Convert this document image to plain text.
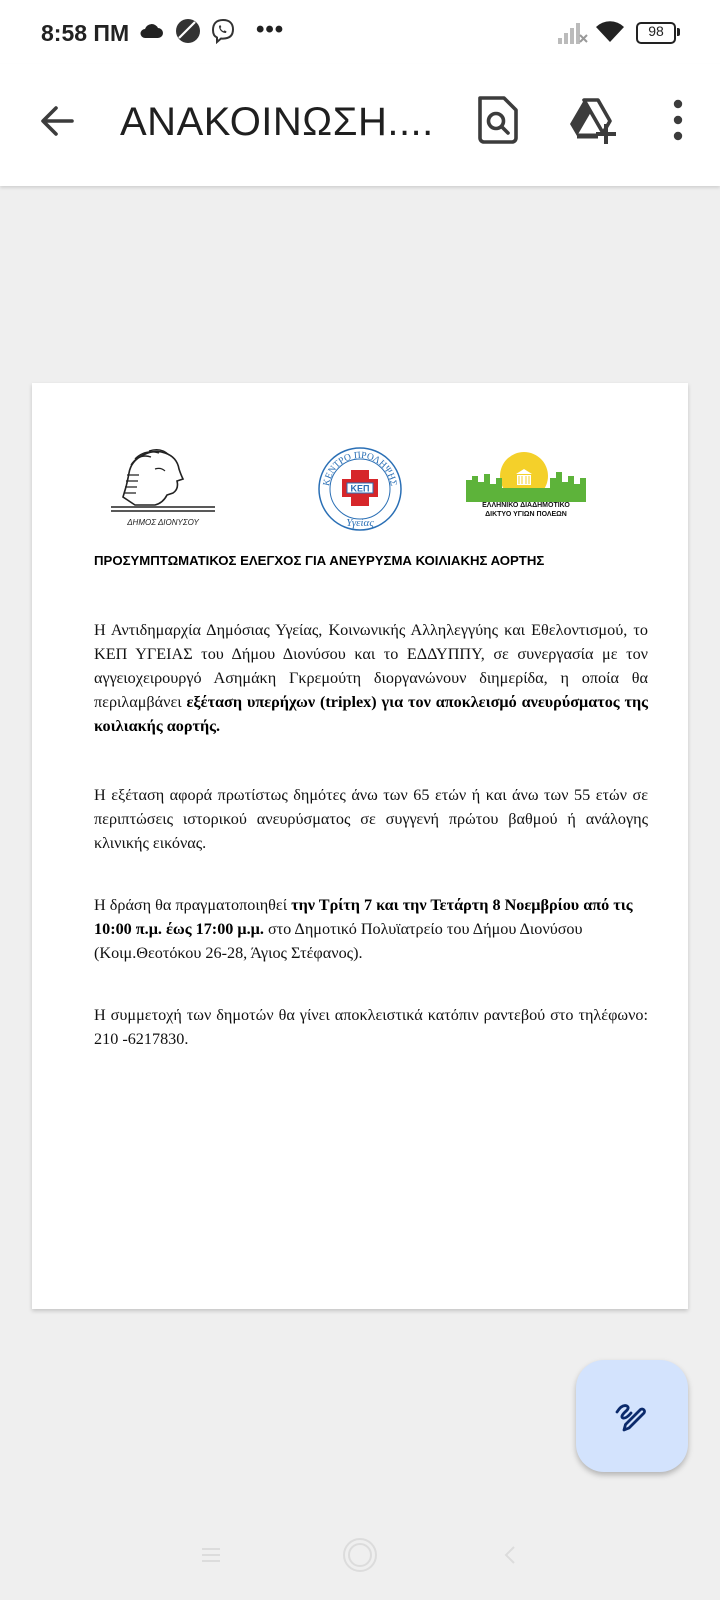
8:58 ΠΜ	•••	98
ΑΝΑΚΟΙΝΩΣΗ....
ΔΗΜΟΣ ΔΙΟΝΥΣΟΥ
ΚΕΝΤΡΟ ΠΡΟΛΗΨΗΣ
ΚΕΠ
Υγείας
ΕΛΛΗΝΙΚΟ ΔΙΑΔΗΜΟΤΙΚΟ
ΔΙΚΤΥΟ ΥΓΙΩΝ ΠΟΛΕΩΝ
ΠΡΟΣΥΜΠΤΩΜΑΤΙΚΟΣ ΕΛΕΓΧΟΣ ΓΙΑ ΑΝΕΥΡΥΣΜΑ ΚΟΙΛΙΑΚΗΣ ΑΟΡΤΗΣ
Η Αντιδημαρχία Δημόσιας Υγείας, Κοινωνικής Αλληλεγγύης και Εθελοντισμού, το ΚΕΠ ΥΓΕΙΑΣ του Δήμου Διονύσου και το ΕΔΔΥΠΠΥ, σε συνεργασία με τον αγγειοχειρουργό Ασημάκη Γκρεμούτη διοργανώνουν διημερίδα, η οποία θα περιλαμβάνει εξέταση υπερήχων (triplex) για τον αποκλεισμό ανευρύσματος της κοιλιακής αορτής.
Η εξέταση αφορά πρωτίστως δημότες άνω των 65 ετών ή και άνω των 55 ετών σε περιπτώσεις ιστορικού ανευρύσματος σε συγγενή πρώτου βαθμού ή ανάλογης κλινικής εικόνας.
Η δράση θα πραγματοποιηθεί την Τρίτη 7 και την Τετάρτη 8 Νοεμβρίου από τις 10:00 π.μ. έως 17:00 μ.μ. στο Δημοτικό Πολυϊατρείο του Δήμου Διονύσου (Κοιμ.Θεοτόκου 26-28, Άγιος Στέφανος).
Η συμμετοχή των δημοτών θα γίνει αποκλειστικά κατόπιν ραντεβού στο τηλέφωνο: 210 -6217830.
